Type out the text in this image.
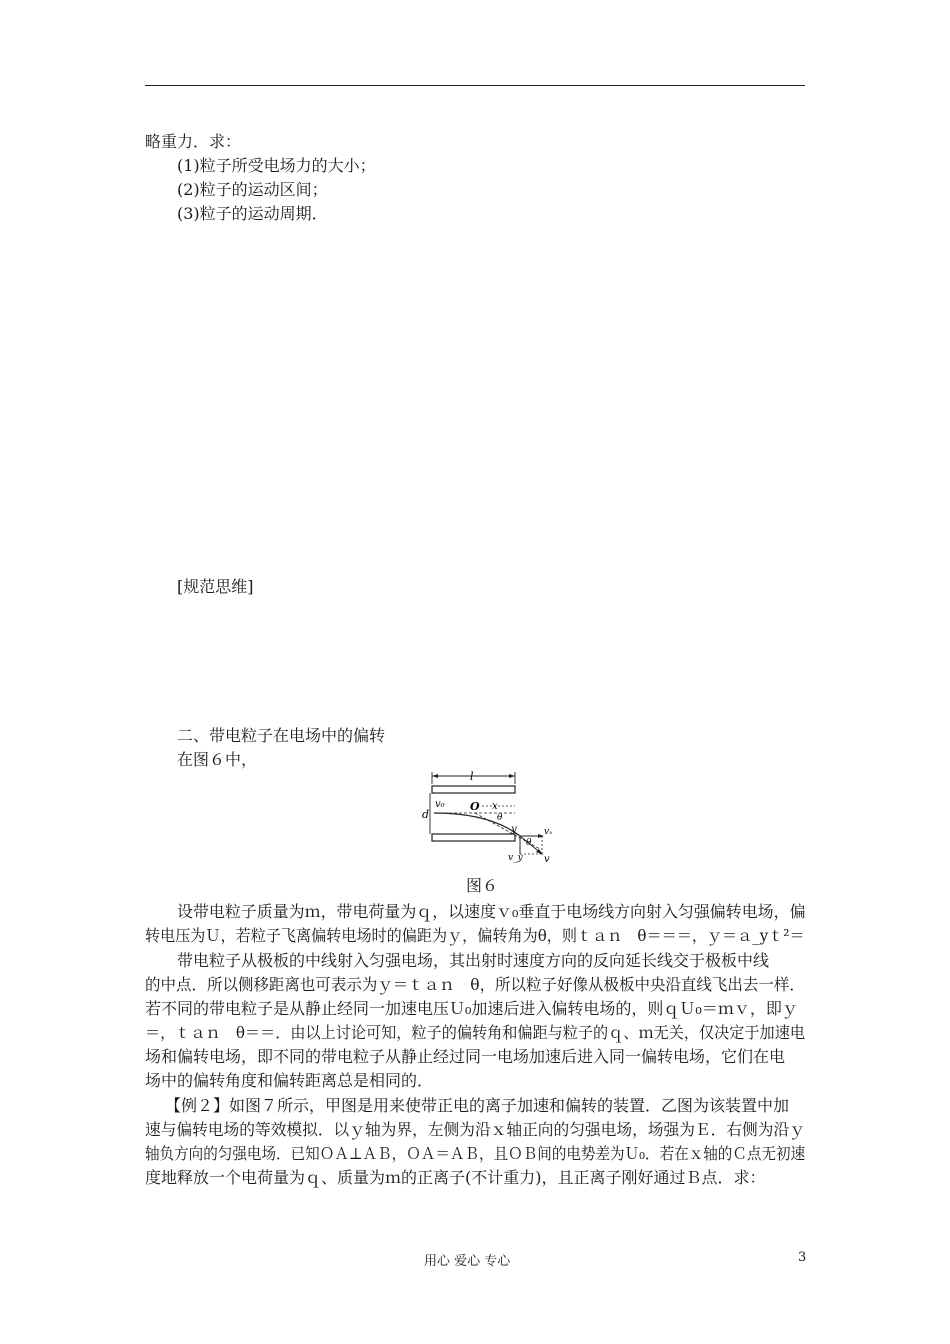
略重力．求：
(1)粒子所受电场力的大小；
(2)粒子的运动区间；
(3)粒子的运动周期．
[规范思维]
二、带电粒子在电场中的偏转
在图６中，
l
d
v₀ O x
θ
y	vₓ
θ
v_y v
图６
设带电粒子质量为ｍ，带电荷量为ｑ，以速度ｖ₀垂直于电场线方向射入匀强偏转电场，偏
转电压为Ｕ，若粒子飞离偏转电场时的偏距为ｙ，偏转角为θ，则ｔａｎ　θ＝＝＝，ｙ＝ａ_yｔ²＝
带电粒子从极板的中线射入匀强电场，其出射时速度方向的反向延长线交于极板中线
的中点．所以侧移距离也可表示为ｙ＝ｔａｎ　θ，所以粒子好像从极板中央沿直线飞出去一样．
若不同的带电粒子是从静止经同一加速电压Ｕ₀加速后进入偏转电场的，则ｑＵ₀＝ｍｖ，即ｙ
＝，ｔａｎ　θ＝＝．由以上讨论可知，粒子的偏转角和偏距与粒子的ｑ、ｍ无关，仅决定于加速电
场和偏转电场，即不同的带电粒子从静止经过同一电场加速后进入同一偏转电场，它们在电
场中的偏转角度和偏转距离总是相同的．
【例２】如图７所示，甲图是用来使带正电的离子加速和偏转的装置．乙图为该装置中加
速与偏转电场的等效模拟．以ｙ轴为界，左侧为沿ｘ轴正向的匀强电场，场强为Ｅ．右侧为沿ｙ
轴负方向的匀强电场．已知ＯＡ⊥ＡＢ，ＯＡ＝ＡＢ，且ＯＢ间的电势差为Ｕ₀．若在ｘ轴的Ｃ点无初速
度地释放一个电荷量为ｑ、质量为ｍ的正离子(不计重力)，且正离子刚好通过Ｂ点．求：
用心 爱心 专心	3
